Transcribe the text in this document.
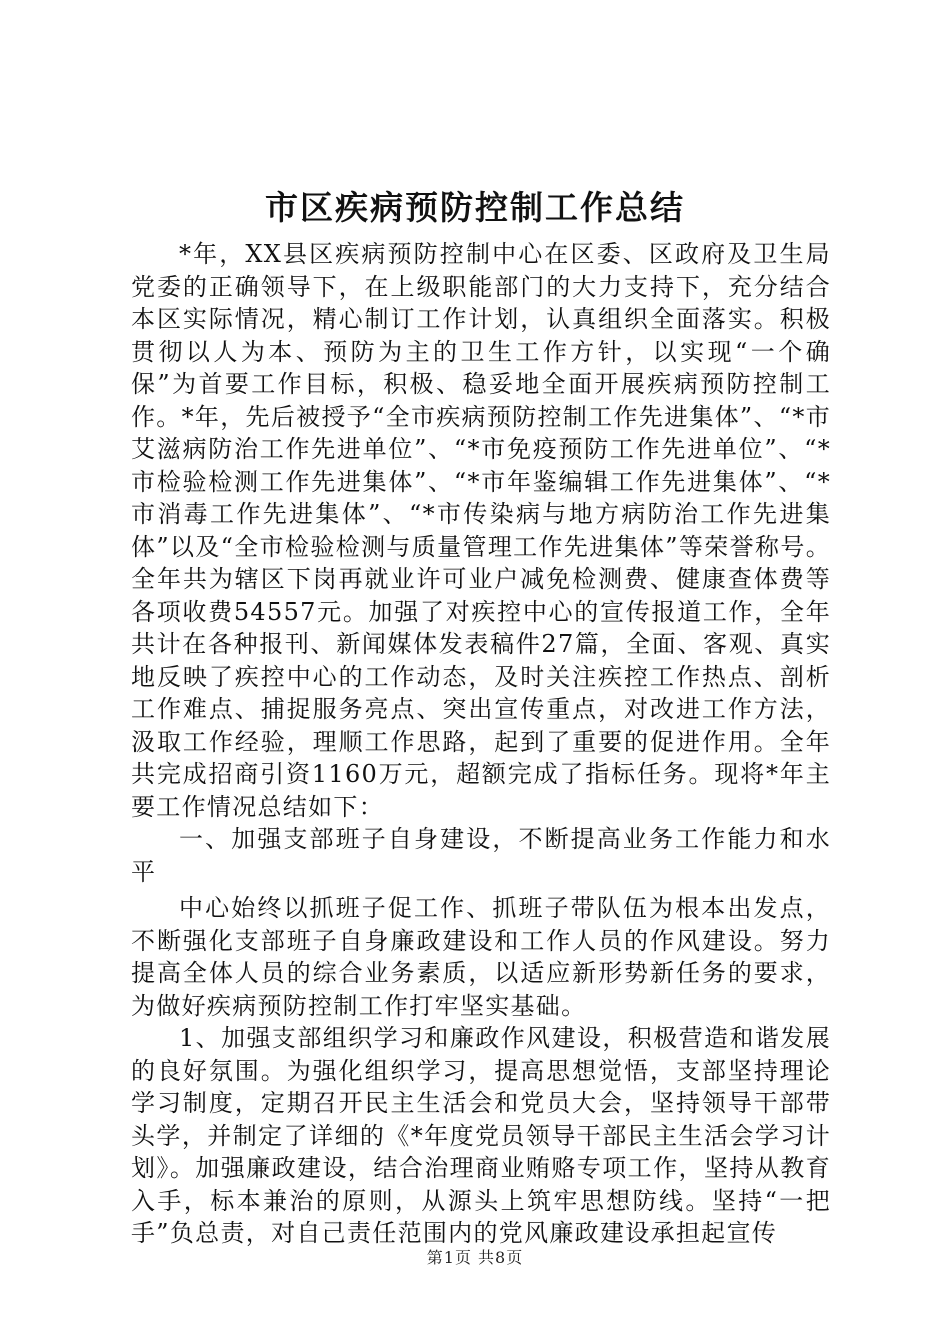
市区疾病预防控制工作总结

*年，XX县区疾病预防控制中心在区委、区政府及卫生局党委的正确领导下，在上级职能部门的大力支持下，充分结合本区实际情况，精心制订工作计划，认真组织全面落实。积极贯彻以人为本、预防为主的卫生工作方针，以实现“一个确保”为首要工作目标，积极、稳妥地全面开展疾病预防控制工作。*年，先后被授予“全市疾病预防控制工作先进集体”、“*市艾滋病防治工作先进单位”、“*市免疫预防工作先进单位”、“*市检验检测工作先进集体”、“*市年鉴编辑工作先进集体”、“*市消毒工作先进集体”、“*市传染病与地方病防治工作先进集体”以及“全市检验检测与质量管理工作先进集体”等荣誉称号。全年共为辖区下岗再就业许可业户减免检测费、健康查体费等各项收费54557元。加强了对疾控中心的宣传报道工作，全年共计在各种报刊、新闻媒体发表稿件27篇，全面、客观、真实地反映了疾控中心的工作动态，及时关注疾控工作热点、剖析工作难点、捕捉服务亮点、突出宣传重点，对改进工作方法，汲取工作经验，理顺工作思路，起到了重要的促进作用。全年共完成招商引资1160万元，超额完成了指标任务。现将*年主要工作情况总结如下：

一、加强支部班子自身建设，不断提高业务工作能力和水平

中心始终以抓班子促工作、抓班子带队伍为根本出发点，不断强化支部班子自身廉政建设和工作人员的作风建设。努力提高全体人员的综合业务素质，以适应新形势新任务的要求，为做好疾病预防控制工作打牢坚实基础。

1、加强支部组织学习和廉政作风建设，积极营造和谐发展的良好氛围。为强化组织学习，提高思想觉悟，支部坚持理论学习制度，定期召开民主生活会和党员大会，坚持领导干部带头学，并制定了详细的《*年度党员领导干部民主生活会学习计划》。加强廉政建设，结合治理商业贿赂专项工作，坚持从教育入手，标本兼治的原则，从源头上筑牢思想防线。坚持“一把手”负总责，对自己责任范围内的党风廉政建设承担起宣传

第1页 共8页
